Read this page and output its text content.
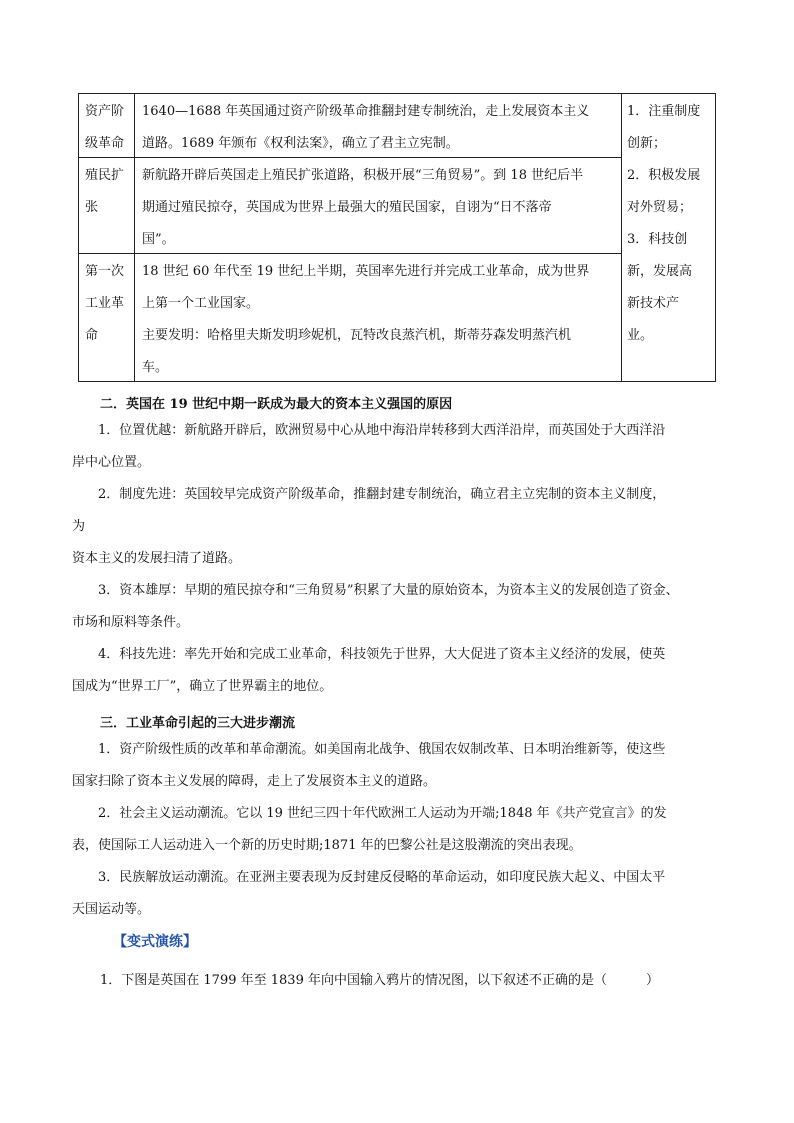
资产阶
级革命
1640—1688 年英国通过资产阶级革命推翻封建专制统治，走上发展资本主义
道路。1689 年颁布《权利法案》，确立了君主立宪制。
殖民扩
张
新航路开辟后英国走上殖民扩张道路，积极开展“三角贸易”。到 18 世纪后半
期通过殖民掠夺，英国成为世界上最强大的殖民国家，自诩为“日不落帝
国”。
第一次
工业革
命
18 世纪 60 年代至 19 世纪上半期，英国率先进行并完成工业革命，成为世界
上第一个工业国家。
主要发明：哈格里夫斯发明珍妮机，瓦特改良蒸汽机，斯蒂芬森发明蒸汽机
车。
1．注重制度
创新；
2．积极发展
对外贸易；
3．科技创
新，发展高
新技术产
业。
二．英国在 19 世纪中期一跃成为最大的资本主义强国的原因
1．位置优越：新航路开辟后，欧洲贸易中心从地中海沿岸转移到大西洋沿岸，而英国处于大西洋沿
岸中心位置。
2．制度先进：英国较早完成资产阶级革命，推翻封建专制统治，确立君主立宪制的资本主义制度，
为
资本主义的发展扫清了道路。
3．资本雄厚：早期的殖民掠夺和“三角贸易”积累了大量的原始资本，为资本主义的发展创造了资金、
市场和原料等条件。
4．科技先进：率先开始和完成工业革命，科技领先于世界，大大促进了资本主义经济的发展，使英
国成为“世界工厂”，确立了世界霸主的地位。
三．工业革命引起的三大进步潮流
1．资产阶级性质的改革和革命潮流。如美国南北战争、俄国农奴制改革、日本明治维新等，使这些
国家扫除了资本主义发展的障碍，走上了发展资本主义的道路。
2．社会主义运动潮流。它以 19 世纪三四十年代欧洲工人运动为开端;1848 年《共产党宣言》的发
表，使国际工人运动进入一个新的历史时期;1871 年的巴黎公社是这股潮流的突出表现。
3．民族解放运动潮流。在亚洲主要表现为反封建反侵略的革命运动，如印度民族大起义、中国太平
天国运动等。
【变式演练】
1．下图是英国在 1799 年至 1839 年向中国输入鸦片的情况图，以下叙述不正确的是（　　　）
